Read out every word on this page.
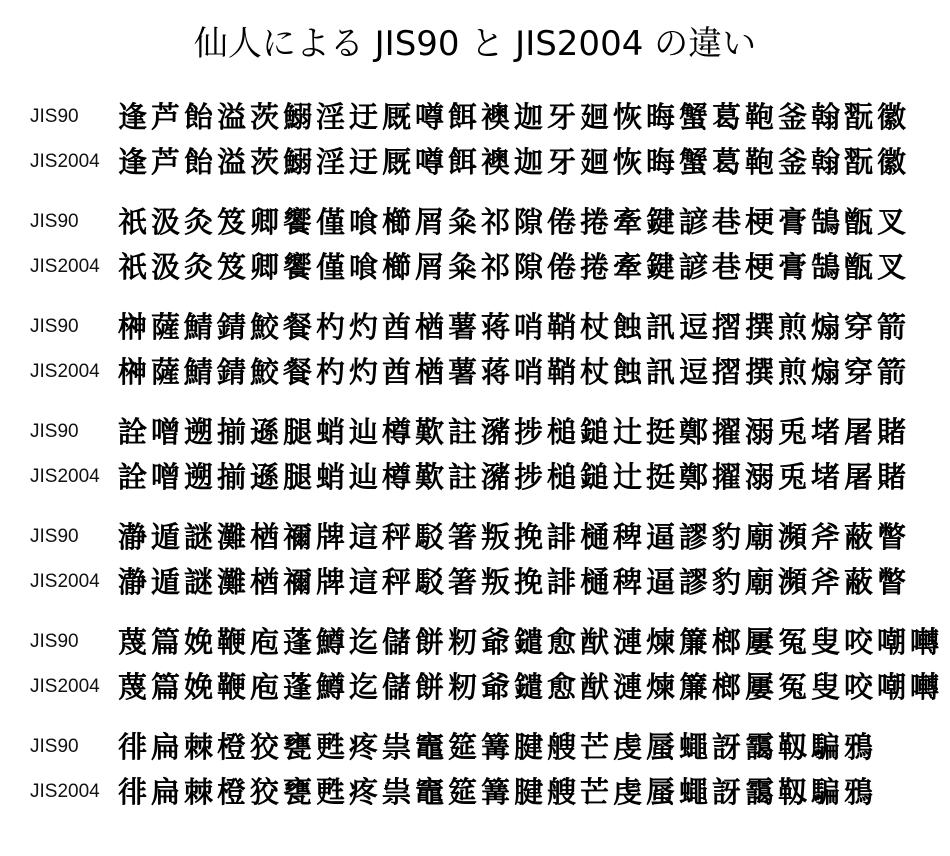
仙人による JIS90 と JIS2004 の違い
JIS90 逢芦飴溢茨鰯淫迂厩噂餌襖迦牙廻恢晦蟹葛鞄釜翰翫徽
JIS2004 逢芦飴溢茨鰯淫迂厩噂餌襖迦牙廻恢晦蟹葛鞄釜翰翫徽
JIS90 祇汲灸笈卿饗僅喰櫛屑粂祁隙倦捲牽鍵諺巷梗膏鵠甑叉
JIS2004 祇汲灸笈卿饗僅喰櫛屑粂祁隙倦捲牽鍵諺巷梗膏鵠甑叉
JIS90 榊薩鯖錆鮫餐杓灼酋楢薯蒋哨鞘杖蝕訊逗摺撰煎煽穿箭
JIS2004 榊薩鯖錆鮫餐杓灼酋楢薯蒋哨鞘杖蝕訊逗摺撰煎煽穿箭
JIS90 詮噌遡揃遜腿蛸辿樽歎註瀦捗槌鎚辻挺鄭擢溺兎堵屠賭
JIS2004 詮噌遡揃遜腿蛸辿樽歎註瀦捗槌鎚辻挺鄭擢溺兎堵屠賭
JIS90 瀞遁謎灘楢禰牌這秤駁箸叛挽誹樋稗逼謬豹廟瀕斧蔽瞥
JIS2004 瀞遁謎灘楢禰牌這秤駁箸叛挽誹樋稗逼謬豹廟瀕斧蔽瞥
JIS90 蔑篇娩鞭庖蓬鱒迄儲餅籾爺鑓愈猷漣煉簾榔屢冤叟咬嘲囀
JIS2004 蔑篇娩鞭庖蓬鱒迄儲餅籾爺鑓愈猷漣煉簾榔屢冤叟咬嘲囀
JIS90 徘扁棘橙狡甕甦疼祟竈筵篝腱艘芒虔蜃蠅訝靄靱騙鴉
JIS2004 徘扁棘橙狡甕甦疼祟竈筵篝腱艘芒虔蜃蠅訝靄靱騙鴉
